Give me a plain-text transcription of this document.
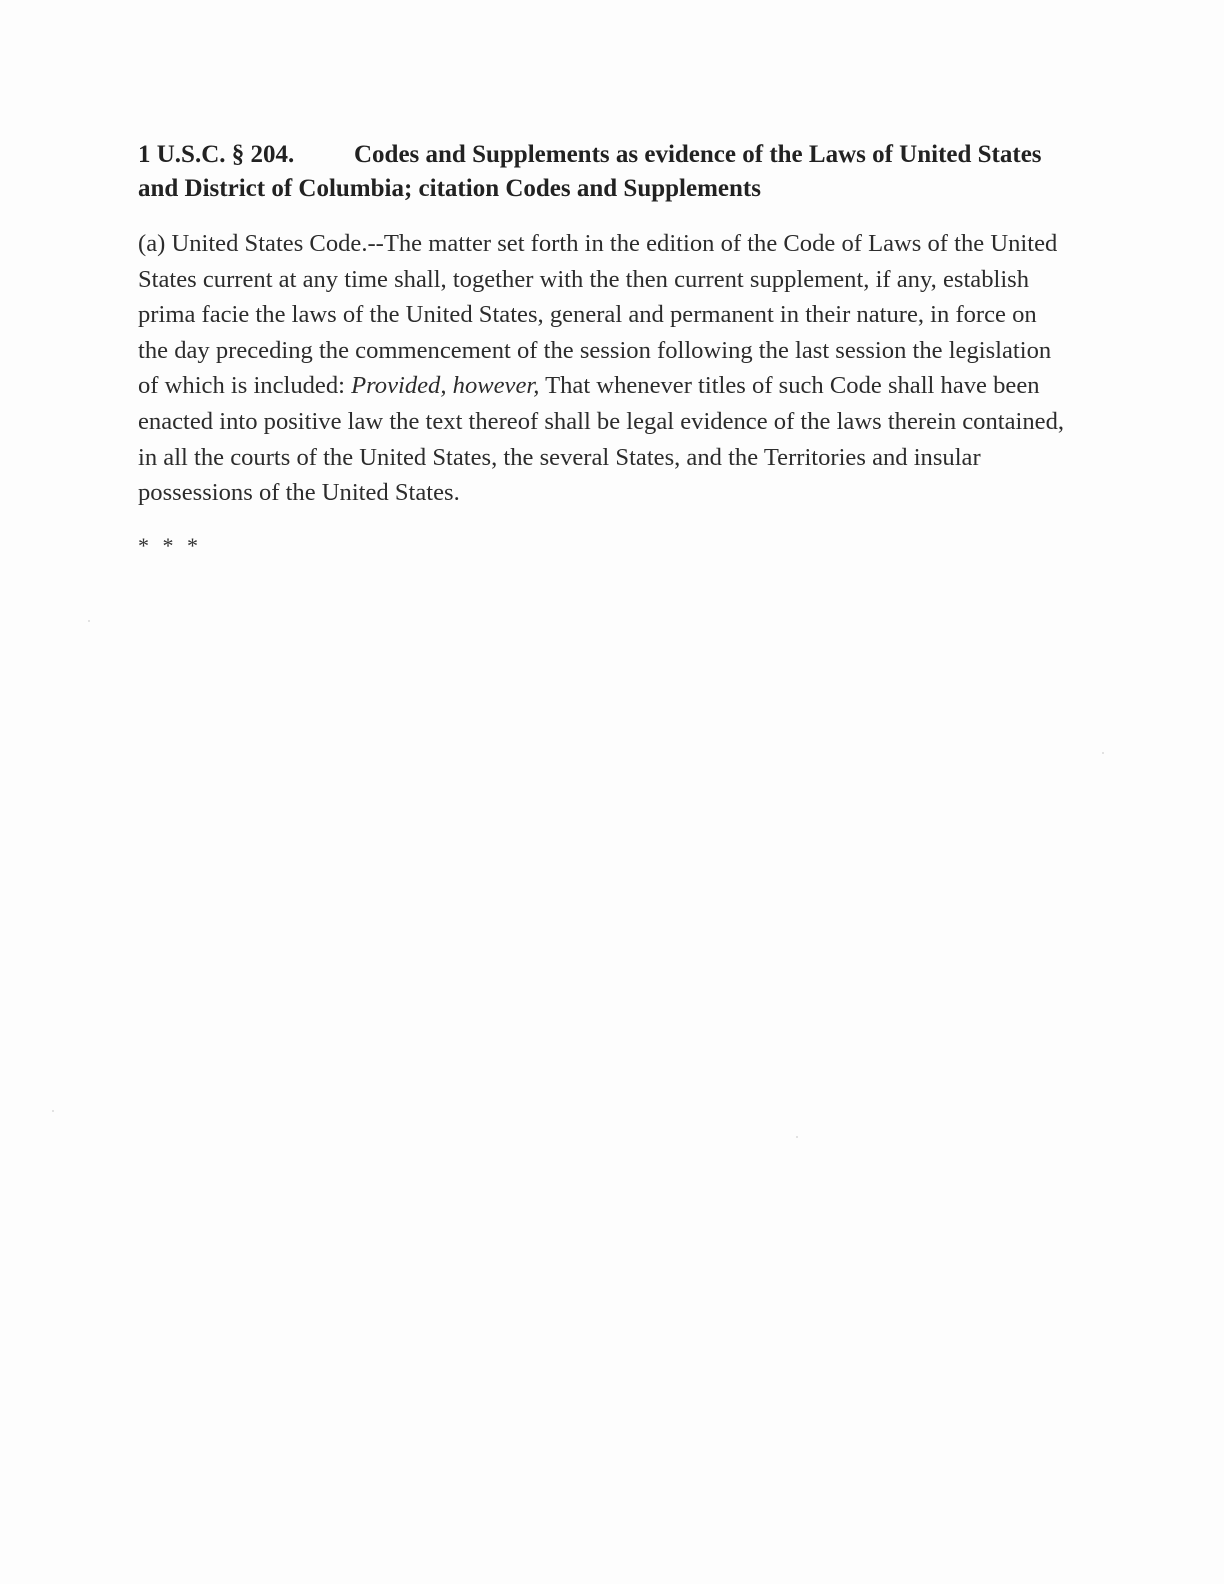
1 U.S.C. § 204. Codes and Supplements as evidence of the Laws of United States and District of Columbia; citation Codes and Supplements

(a) United States Code.--The matter set forth in the edition of the Code of Laws of the United States current at any time shall, together with the then current supplement, if any, establish prima facie the laws of the United States, general and permanent in their nature, in force on the day preceding the commencement of the session following the last session the legislation of which is included: Provided, however, That whenever titles of such Code shall have been enacted into positive law the text thereof shall be legal evidence of the laws therein contained, in all the courts of the United States, the several States, and the Territories and insular possessions of the United States.

* * *
